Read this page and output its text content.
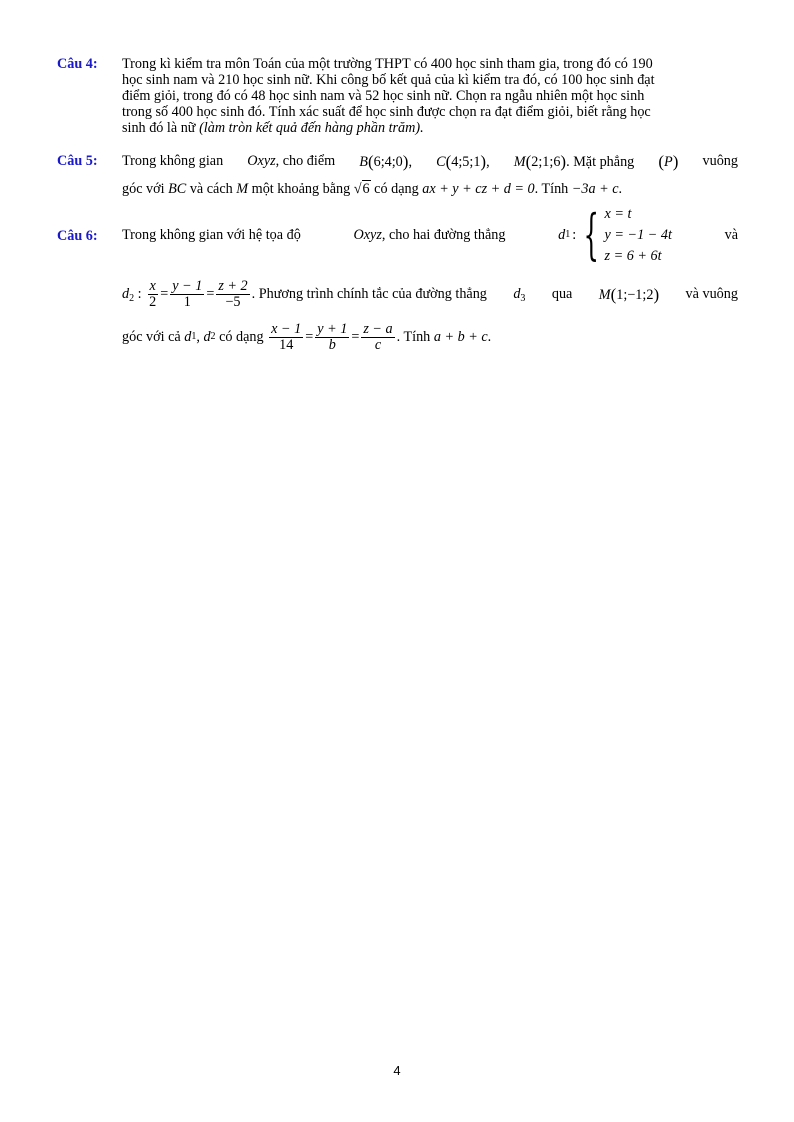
Câu 4: Trong kì kiểm tra môn Toán của một trường THPT có 400 học sinh tham gia, trong đó có 190
học sinh nam và 210 học sinh nữ. Khi công bố kết quả của kì kiểm tra đó, có 100 học sinh đạt
điểm giỏi, trong đó có 48 học sinh nam và 52 học sinh nữ. Chọn ra ngẫu nhiên một học sinh
trong số 400 học sinh đó. Tính xác suất để học sinh được chọn ra đạt điểm giỏi, biết rằng học
sinh đó là nữ (làm tròn kết quả đến hàng phần trăm).
Câu 5: Trong không gian Oxyz, cho điểm B(6;4;0), C(4;5;1), M(2;1;6). Mặt phẳng (P) vuông
góc với BC và cách M một khoảng bằng √6 có dạng ax + y + cz + d = 0. Tính −3a + c.
Câu 6: Trong không gian với hệ tọa độ	Oxyz, cho hai đường thẳng	d 1 : { x = t
y = −1 − 4t
z = 6 + 6t
và
$d_2$ : $\frac{x}{2} = \frac{y - 1}{1} = \frac{z + 2}{-5}$ . Phương trình chính tắc của đường thẳng $d_3$ qua M(1;−1;2) và vuông
góc với cả
d 1 , d 2
có dạng
$\frac{x - 1}{14} = \frac{y + 1}{b} = \frac{z - a}{c}$ . Tính
a + b + c .
4
